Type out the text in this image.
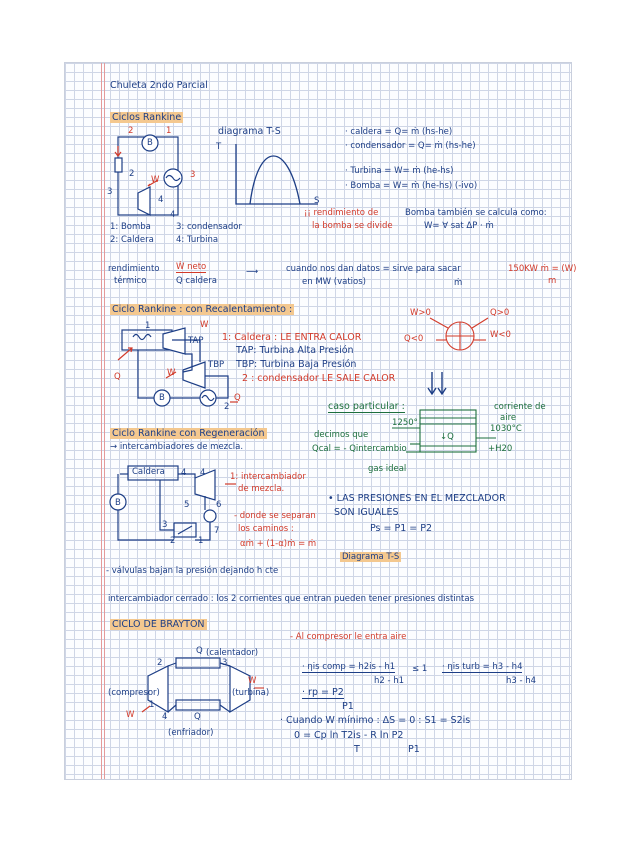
Chuleta 2ndo Parcial
Ciclos Rankine
2
B
1
2
W	3
3
4
4
diagrama T-S
T
S
· caldera = Q= ṁ (hs-he)
· condensador = Q= ṁ (hs-he)
· Turbina = W= ṁ (he-hs)
· Bomba = W= ṁ (he-hs) (-ivo)
1: Bomba
2: Caldera
3: condensador
4: Turbina
¡¡ rendimiento de
la bomba se divide
Bomba también se calcula como:
W= ∀ sat ΔP · ṁ
rendimiento
térmico
Ẇ neto
Q caldera
⟶	cuando nos dan datos = sirve para sacar
en MW (vatios)	ṁ
150KW ṁ = (W)
m
Ciclo Rankine : con Recalentamiento :
1	W
TAP
W
TBP
Q
B	Q
2
1: Caldera : LE ENTRA CALOR
TAP: Turbina Alta Presión
TBP: Turbina Baja Presión
2 : condensador LE SALE CALOR
W>0	Q>0
Q<0	W<0
caso particular :	corriente de
aire
1250°
1030°C
↓Q
+H20
decimos que
Qcal = - Qintercambio
gas ideal
Ciclo Rankine con Regeneración
→ intercambiadores de mezcla.
Caldera 4
B	5	6
3
7
2	1
4	1: intercambiador
de mezcla.
- donde se separan
los caminos :
αṁ + (1-α)ṁ = ṁ
• LAS PRESIONES EN EL MEZCLADOR
SON IGUALES
Ps = P1 = P2
Diagrama T-S
- válvulas bajan la presión dejando h cte
intercambiador cerrado : los 2 corrientes que entran pueden tener presiones distintas
CICLO DE BRAYTON
- Al compresor le entra aire
Q
2	3
W
W
1
4	Q
(calentador)
(compresor)	(turbina)
(enfriador)
· ηis comp = h2is - h1
h2 - h1
≤ 1 · ηis turb = h3 - h4
h3 - h4
· rp = P2
P1
· Cuando W mínimo : ΔS = 0 : S1 = S2is
0 = Cp ln T2is - R ln P2
T	P1
